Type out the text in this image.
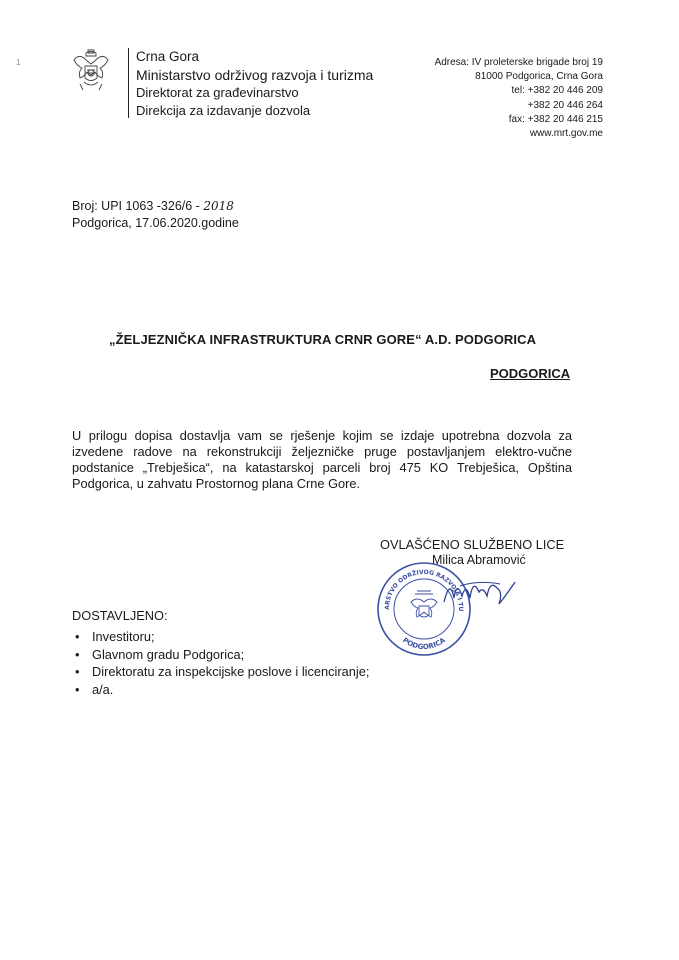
1	Crna Gora
Ministarstvo održivog razvoja i turizma
Direktorat za građevinarstvo
Direkcija za izdavanje dozvola
Adresa: IV proleterske brigade broj 19
81000 Podgorica, Crna Gora
tel: +382 20 446 209
+382 20 446 264
fax: +382 20 446 215
www.mrt.gov.me
Broj: UPI 1063 -326/6 - 2018
Podgorica, 17.06.2020.godine
„ŽELJEZNIČKA INFRASTRUKTURA CRNR GORE“ A.D. PODGORICA
PODGORICA
U prilogu dopisa dostavlja vam se rješenje kojim se izdaje upotrebna dozvola za izvedene radove na rekonstrukciji željezničke pruge postavljanjem elektro-vučne podstanice „Trebješica“, na katastarskoj parceli broj 475 KO Trebješica, Opština Podgorica, u zahvatu Prostornog plana Crne Gore.
OVLAŠĆENO SLUŽBENO LICE
Milica Abramović
ARSTVO ODRŽIVOG RAZVOJA I TU
PODGORICA
DOSTAVLJENO:
• Investitoru;
• Glavnom gradu Podgorica;
• Direktoratu za inspekcijske poslove i licenciranje;
• a/a.
